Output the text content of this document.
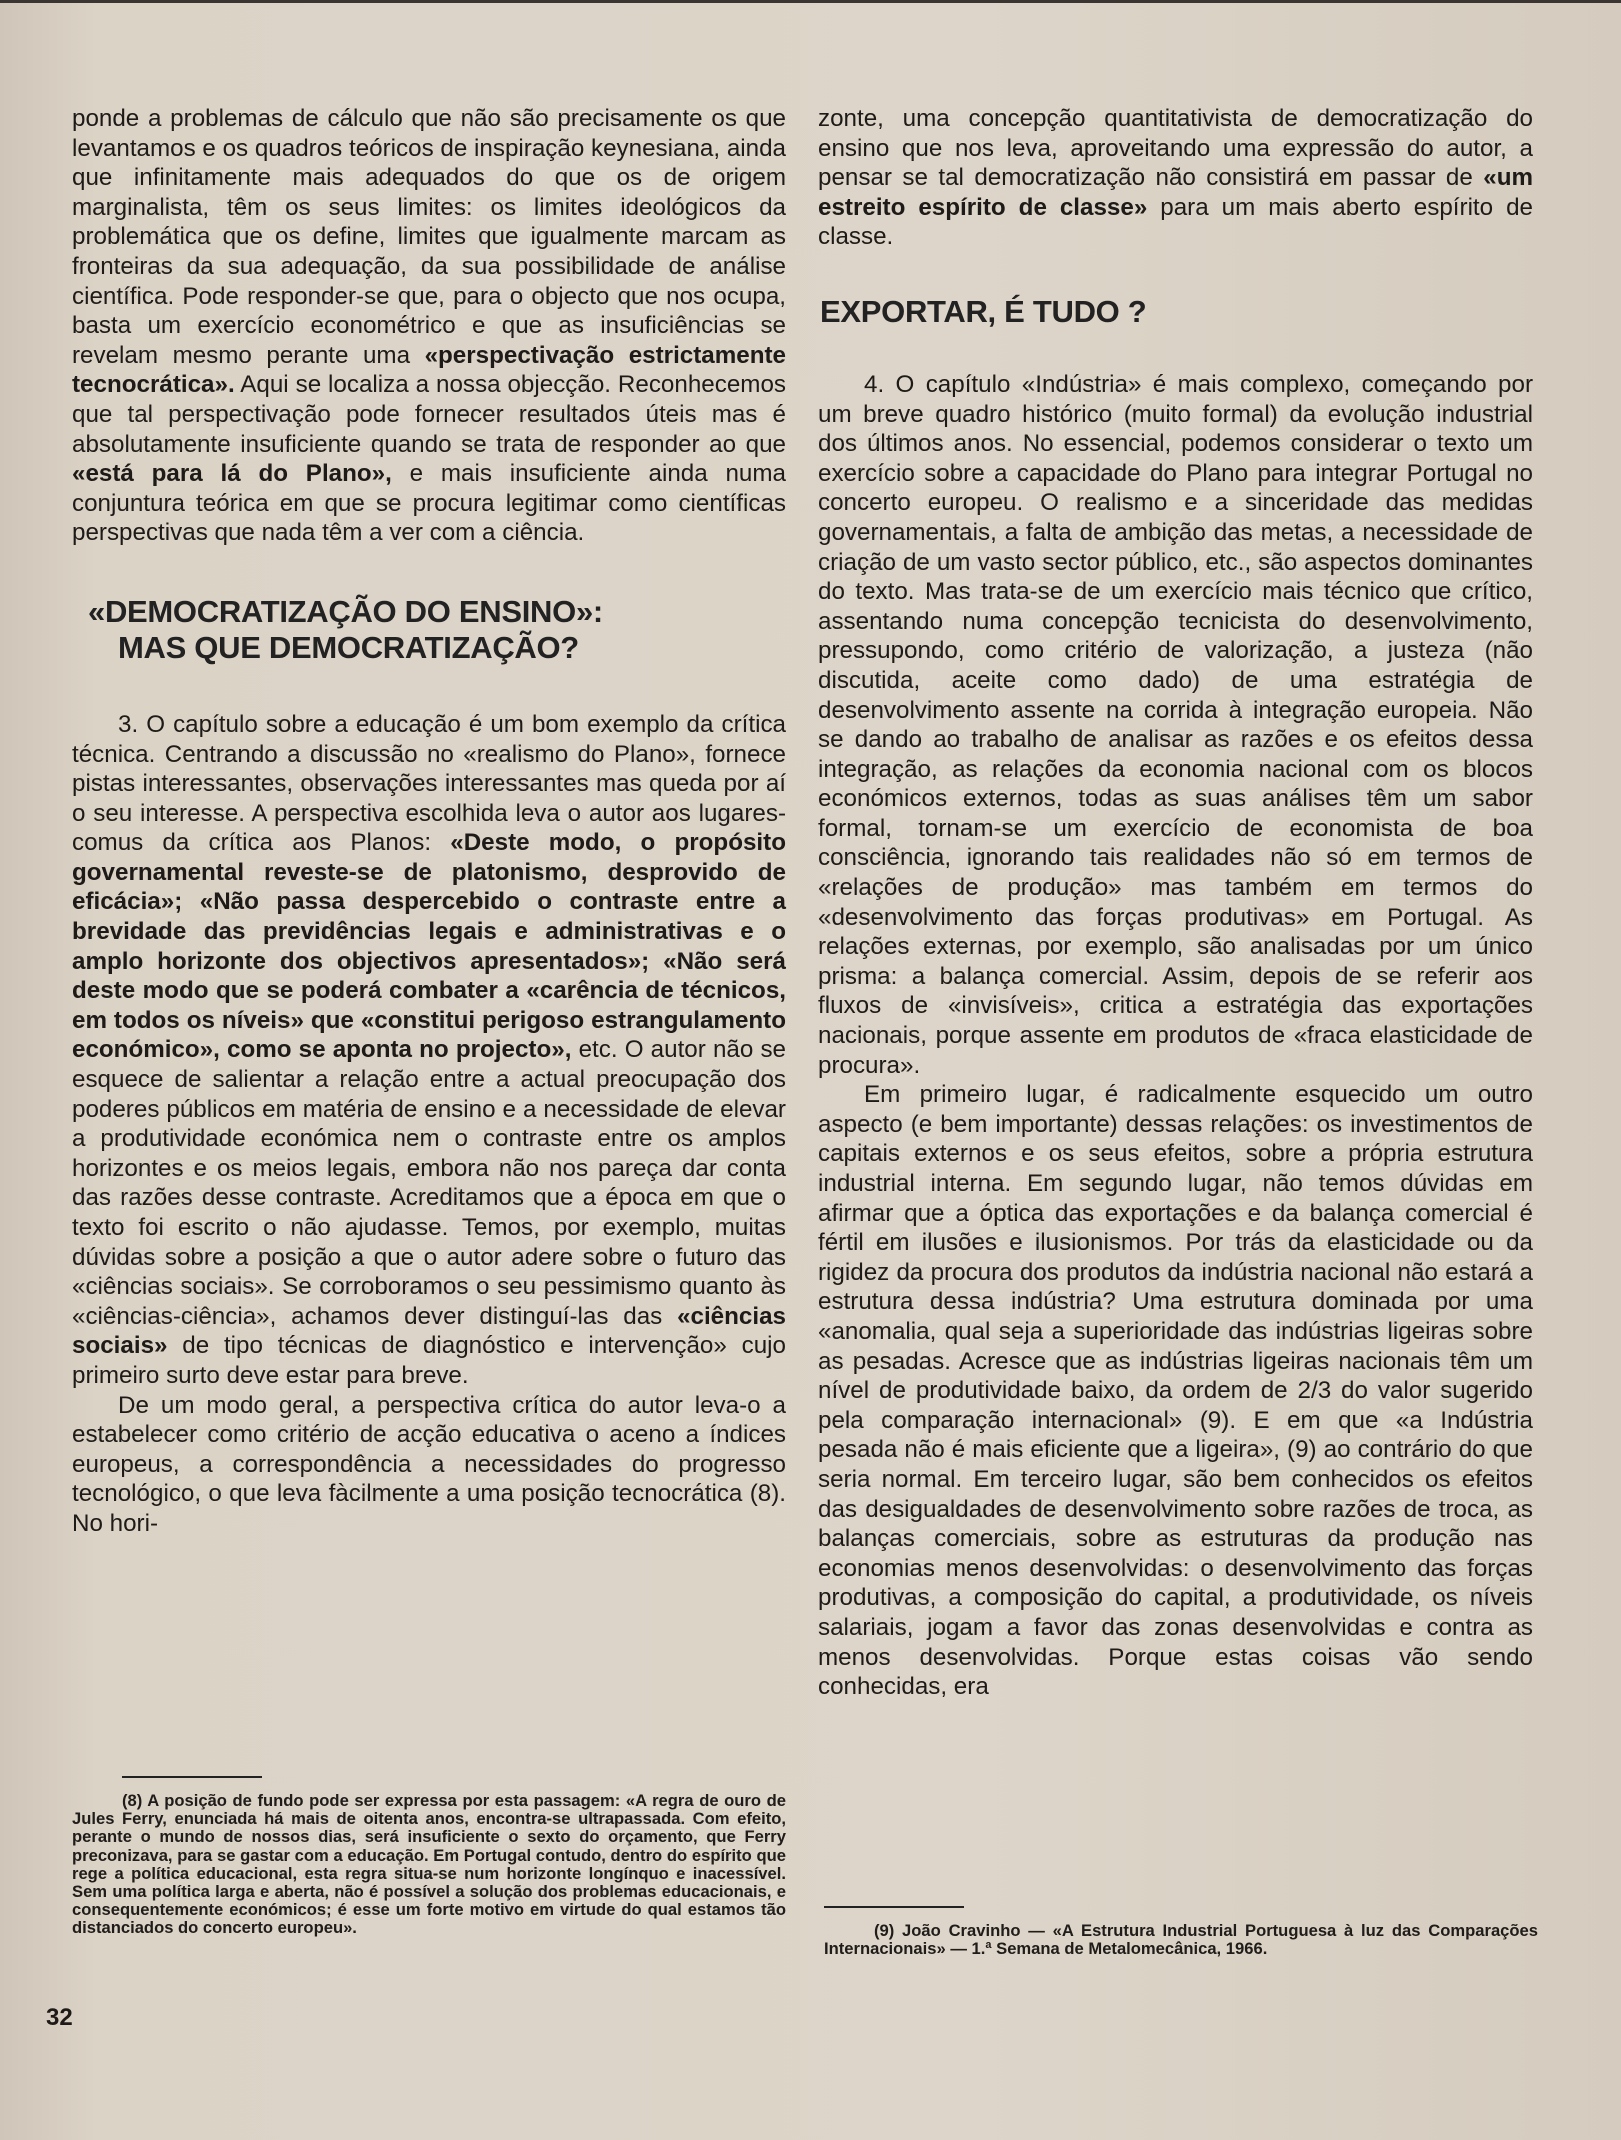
ponde a problemas de cálculo que não são precisamente os que levantamos e os quadros teóricos de inspiração keynesiana, ainda que infinitamente mais adequados do que os de origem marginalista, têm os seus limites: os limites ideológicos da problemática que os define, limites que igualmente marcam as fronteiras da sua adequação, da sua possibilidade de análise científica. Pode responder-se que, para o objecto que nos ocupa, basta um exercício econométrico e que as insuficiências se revelam mesmo perante uma «perspectivação estrictamente tecnocrática». Aqui se localiza a nossa objecção. Reconhecemos que tal perspectivação pode fornecer resultados úteis mas é absolutamente insuficiente quando se trata de responder ao que «está para lá do Plano», e mais insuficiente ainda numa conjuntura teórica em que se procura legitimar como científicas perspectivas que nada têm a ver com a ciência.

«DEMOCRATIZAÇÃO DO ENSINO»:
MAS QUE DEMOCRATIZAÇÃO?

3. O capítulo sobre a educação é um bom exemplo da crítica técnica. Centrando a discussão no «realismo do Plano», fornece pistas interessantes, observações interessantes mas queda por aí o seu interesse. A perspectiva escolhida leva o autor aos lugares-comus da crítica aos Planos: «Deste modo, o propósito governamental reveste-se de platonismo, desprovido de eficácia»; «Não passa despercebido o contraste entre a brevidade das previdências legais e administrativas e o amplo horizonte dos objectivos apresentados»; «Não será deste modo que se poderá combater a «carência de técnicos, em todos os níveis» que «constitui perigoso estrangulamento económico», como se aponta no projecto», etc. O autor não se esquece de salientar a relação entre a actual preocupação dos poderes públicos em matéria de ensino e a necessidade de elevar a produtividade económica nem o contraste entre os amplos horizontes e os meios legais, embora não nos pareça dar conta das razões desse contraste. Acreditamos que a época em que o texto foi escrito o não ajudasse. Temos, por exemplo, muitas dúvidas sobre a posição a que o autor adere sobre o futuro das «ciências sociais». Se corroboramos o seu pessimismo quanto às «ciências-ciência», achamos dever distinguí-las das «ciências sociais» de tipo técnicas de diagnóstico e intervenção» cujo primeiro surto deve estar para breve.

De um modo geral, a perspectiva crítica do autor leva-o a estabelecer como critério de acção educativa o aceno a índices europeus, a correspondência a necessidades do progresso tecnológico, o que leva fàcilmente a uma posição tecnocrática (8). No hori-

(8) A posição de fundo pode ser expressa por esta passagem: «A regra de ouro de Jules Ferry, enunciada há mais de oitenta anos, encontra-se ultrapassada. Com efeito, perante o mundo de nossos dias, será insuficiente o sexto do orçamento, que Ferry preconizava, para se gastar com a educação. Em Portugal contudo, dentro do espírito que rege a política educacional, esta regra situa-se num horizonte longínquo e inacessível. Sem uma política larga e aberta, não é possível a solução dos problemas educacionais, e consequentemente económicos; é esse um forte motivo em virtude do qual estamos tão distanciados do concerto europeu».

zonte, uma concepção quantitativista de democratização do ensino que nos leva, aproveitando uma expressão do autor, a pensar se tal democratização não consistirá em passar de «um estreito espírito de classe» para um mais aberto espírito de classe.

EXPORTAR, É TUDO ?

4. O capítulo «Indústria» é mais complexo, começando por um breve quadro histórico (muito formal) da evolução industrial dos últimos anos. No essencial, podemos considerar o texto um exercício sobre a capacidade do Plano para integrar Portugal no concerto europeu. O realismo e a sinceridade das medidas governamentais, a falta de ambição das metas, a necessidade de criação de um vasto sector público, etc., são aspectos dominantes do texto. Mas trata-se de um exercício mais técnico que crítico, assentando numa concepção tecnicista do desenvolvimento, pressupondo, como critério de valorização, a justeza (não discutida, aceite como dado) de uma estratégia de desenvolvimento assente na corrida à integração europeia. Não se dando ao trabalho de analisar as razões e os efeitos dessa integração, as relações da economia nacional com os blocos económicos externos, todas as suas análises têm um sabor formal, tornam-se um exercício de economista de boa consciência, ignorando tais realidades não só em termos de «relações de produção» mas também em termos do «desenvolvimento das forças produtivas» em Portugal. As relações externas, por exemplo, são analisadas por um único prisma: a balança comercial. Assim, depois de se referir aos fluxos de «invisíveis», critica a estratégia das exportações nacionais, porque assente em produtos de «fraca elasticidade de procura».

Em primeiro lugar, é radicalmente esquecido um outro aspecto (e bem importante) dessas relações: os investimentos de capitais externos e os seus efeitos, sobre a própria estrutura industrial interna. Em segundo lugar, não temos dúvidas em afirmar que a óptica das exportações e da balança comercial é fértil em ilusões e ilusionismos. Por trás da elasticidade ou da rigidez da procura dos produtos da indústria nacional não estará a estrutura dessa indústria? Uma estrutura dominada por uma «anomalia, qual seja a superioridade das indústrias ligeiras sobre as pesadas. Acresce que as indústrias ligeiras nacionais têm um nível de produtividade baixo, da ordem de 2/3 do valor sugerido pela comparação internacional» (9). E em que «a Indústria pesada não é mais eficiente que a ligeira», (9) ao contrário do que seria normal. Em terceiro lugar, são bem conhecidos os efeitos das desigualdades de desenvolvimento sobre razões de troca, as balanças comerciais, sobre as estruturas da produção nas economias menos desenvolvidas: o desenvolvimento das forças produtivas, a composição do capital, a produtividade, os níveis salariais, jogam a favor das zonas desenvolvidas e contra as menos desenvolvidas. Porque estas coisas vão sendo conhecidas, era

(9) João Cravinho — «A Estrutura Industrial Portuguesa à luz das Comparações Internacionais» — 1.ª Semana de Metalomecânica, 1966.

32
